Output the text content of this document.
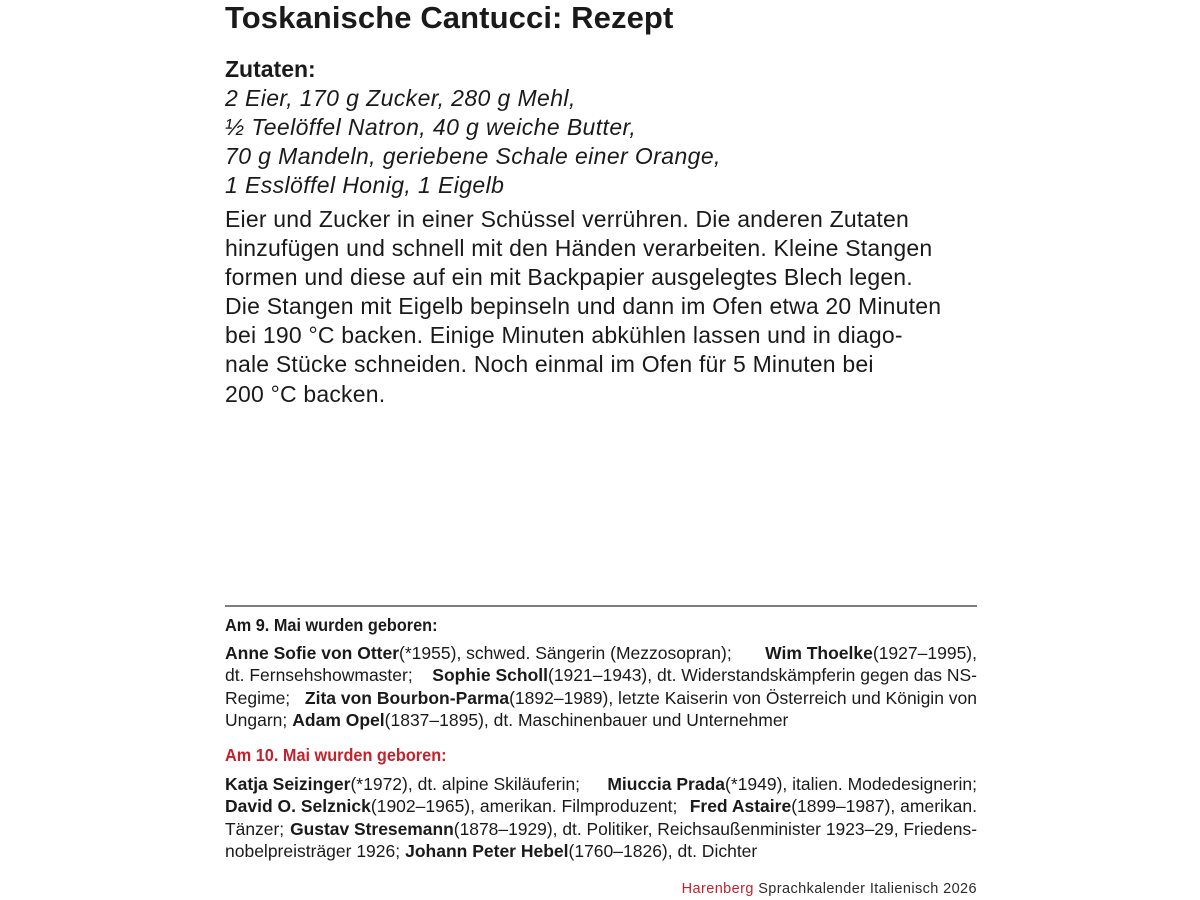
Toskanische Cantucci: Rezept
Zutaten:
2 Eier, 170 g Zucker, 280 g Mehl,
½ Teelöffel Natron, 40 g weiche Butter,
70 g Mandeln, geriebene Schale einer Orange,
1 Esslöffel Honig, 1 Eigelb
Eier und Zucker in einer Schüssel verrühren. Die anderen Zutaten
hinzufügen und schnell mit den Händen verarbeiten. Kleine Stangen
formen und diese auf ein mit Backpapier ausgelegtes Blech legen.
Die Stangen mit Eigelb bepinseln und dann im Ofen etwa 20 Minuten
bei 190 °C backen. Einige Minuten abkühlen lassen und in diago-
nale Stücke schneiden. Noch einmal im Ofen für 5 Minuten bei
200 °C backen.
Am 9. Mai wurden geboren:
Anne Sofie von Otter(*1955), schwed. Sängerin (Mezzosopran); Wim Thoelke(1927–1995),
dt. Fernsehshowmaster; Sophie Scholl(1921–1943), dt. Widerstandskämpferin gegen das NS-
Regime; Zita von Bourbon-Parma(1892–1989), letzte Kaiserin von Österreich und Königin von
Ungarn; Adam Opel(1837–1895), dt. Maschinenbauer und Unternehmer
Am 10. Mai wurden geboren:
Katja Seizinger(*1972), dt. alpine Skiläuferin; Miuccia Prada(*1949), italien. Modedesignerin;
David O. Selznick(1902–1965), amerikan. Filmproduzent; Fred Astaire(1899–1987), amerikan.
Tänzer; Gustav Stresemann(1878–1929), dt. Politiker, Reichsaußenminister 1923–29, Friedens-
nobelpreisträger 1926; Johann Peter Hebel(1760–1826), dt. Dichter
Harenberg Sprachkalender Italienisch 2026
